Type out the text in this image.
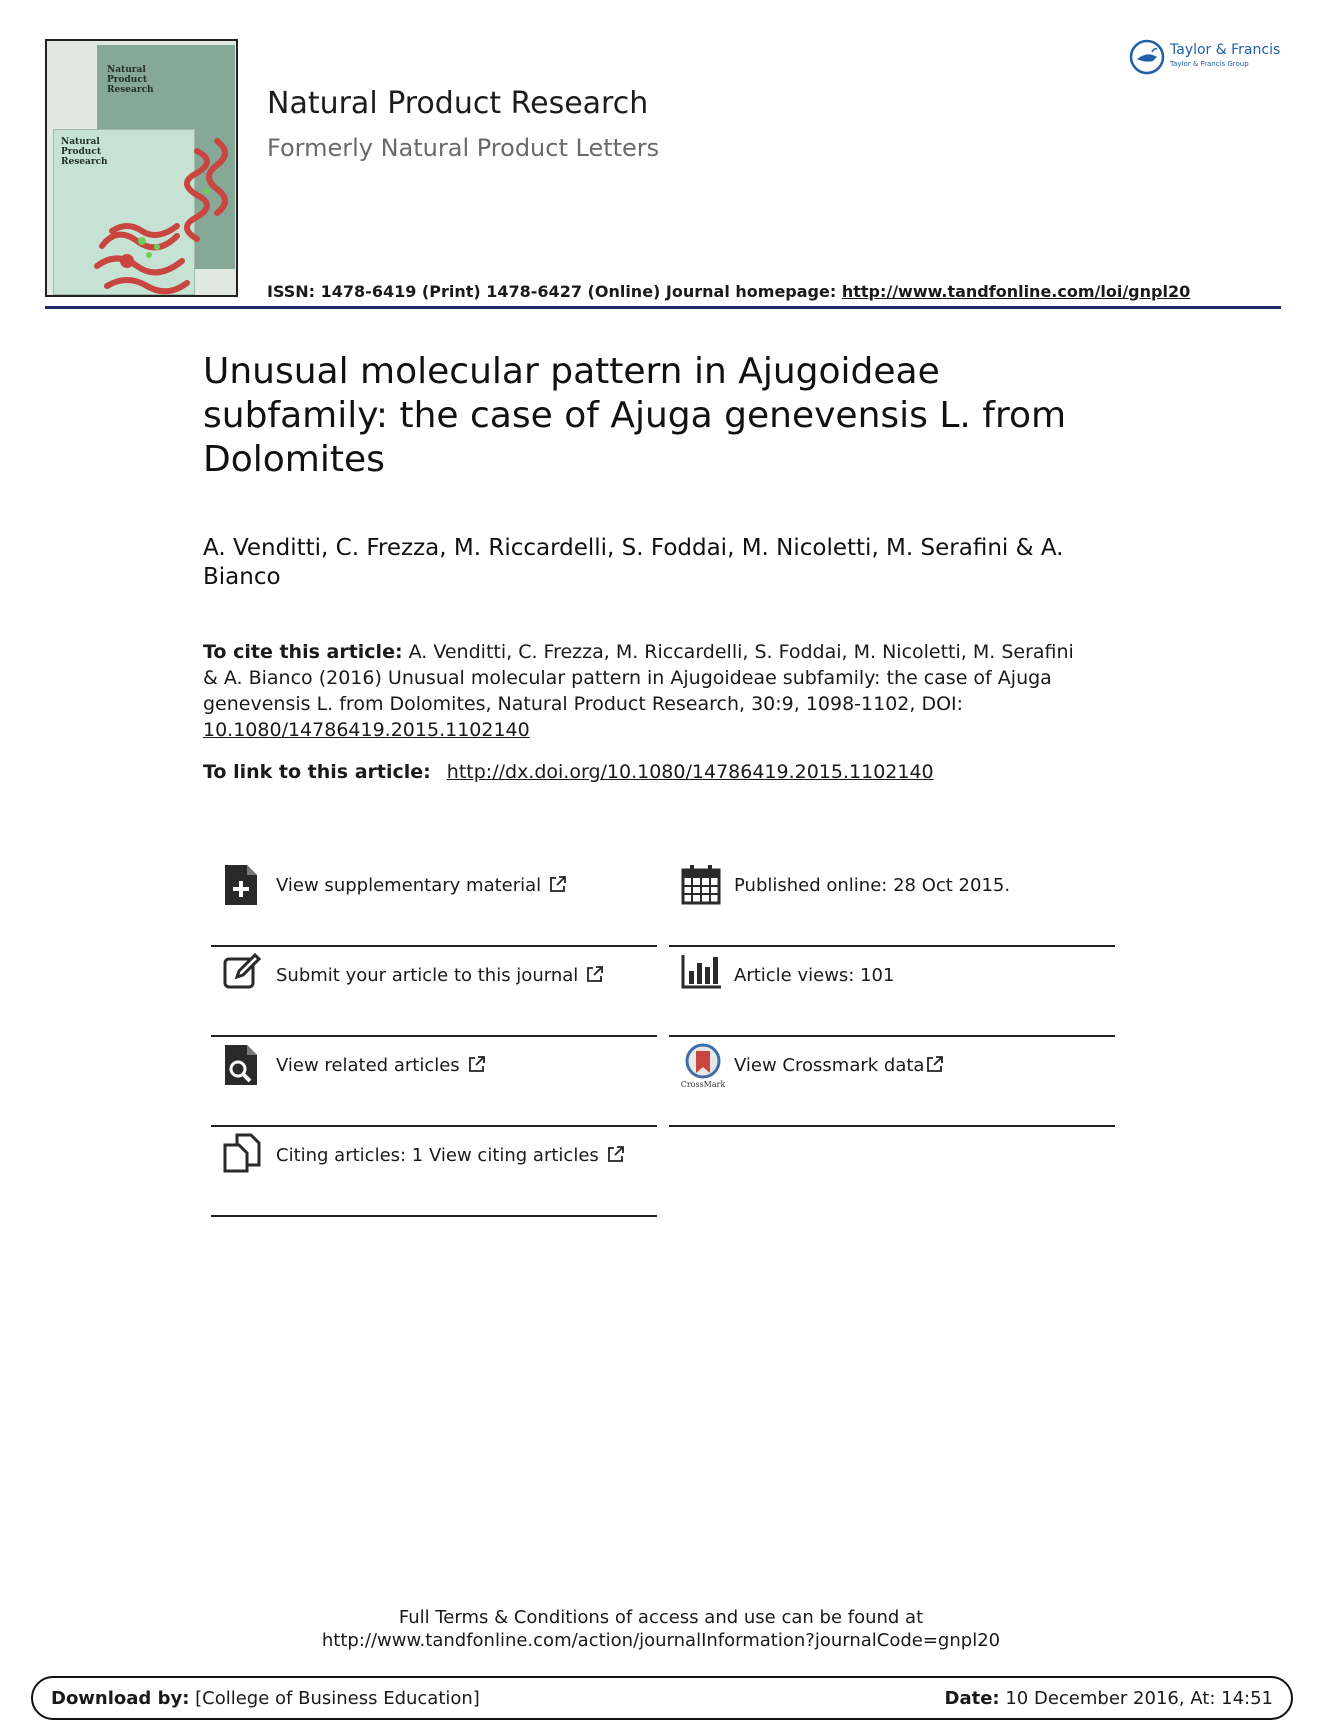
Natural
Product
Research
Natural
Product
Research
Natural Product Research
Formerly Natural Product Letters
ISSN: 1478-6419 (Print) 1478-6427 (Online) Journal homepage: http://www.tandfonline.com/loi/gnpl20
Taylor & Francis
Taylor & Francis Group
Unusual molecular pattern in Ajugoideae subfamily: the case of Ajuga genevensis L. from Dolomites
A. Venditti, C. Frezza, M. Riccardelli, S. Foddai, M. Nicoletti, M. Serafini & A. Bianco
To cite this article: A. Venditti, C. Frezza, M. Riccardelli, S. Foddai, M. Nicoletti, M. Serafini & A. Bianco (2016) Unusual molecular pattern in Ajugoideae subfamily: the case of Ajuga genevensis L. from Dolomites, Natural Product Research, 30:9, 1098-1102, DOI: 10.1080/14786419.2015.1102140
To link to this article: http://dx.doi.org/10.1080/14786419.2015.1102140
View supplementary material
Submit your article to this journal
View related articles
Citing articles: 1 View citing articles
Published online: 28 Oct 2015.
Article views: 101
CrossMark
View Crossmark data
Full Terms & Conditions of access and use can be found at
http://www.tandfonline.com/action/journalInformation?journalCode=gnpl20
Download by: [College of Business Education]	Date: 10 December 2016, At: 14:51
